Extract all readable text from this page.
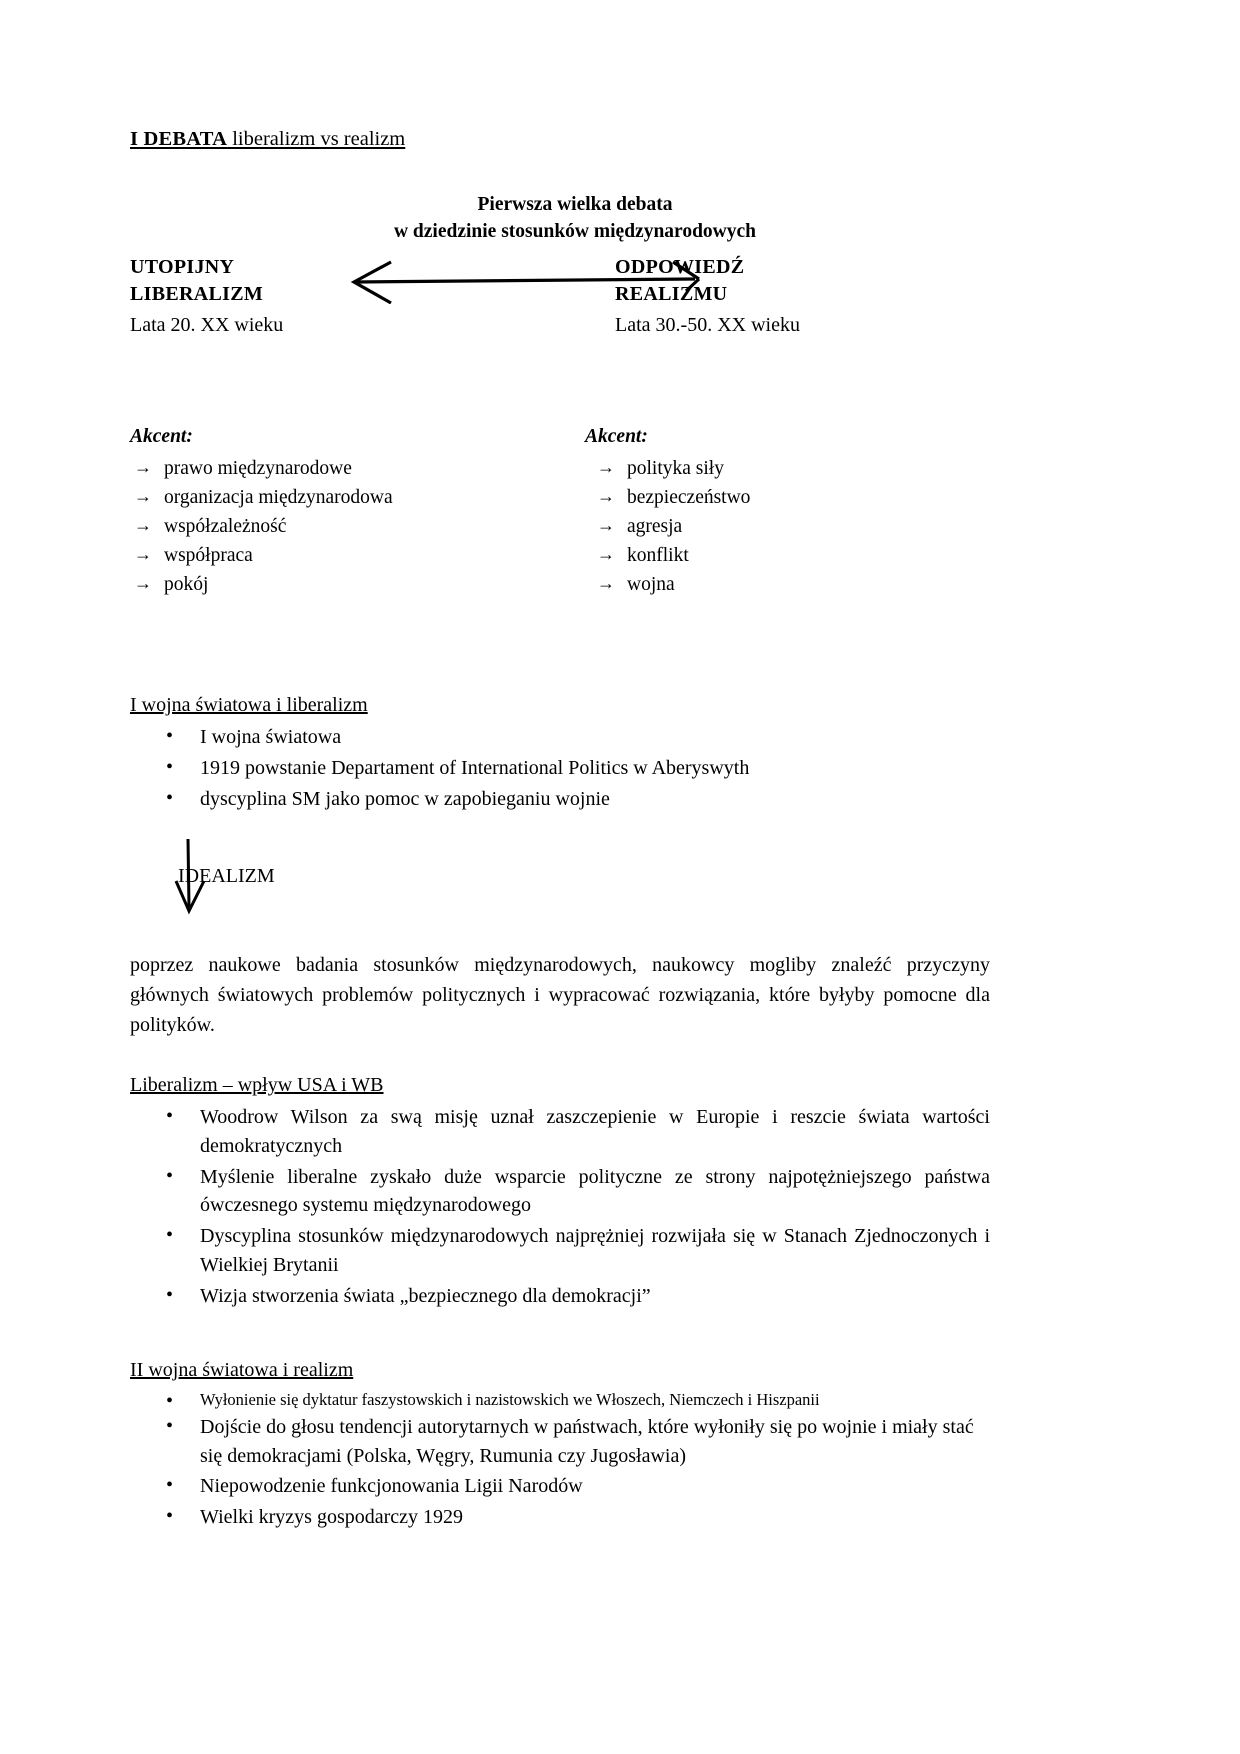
I DEBATA liberalizm vs realizm
Pierwsza wielka debata
w dziedzinie stosunków międzynarodowych
UTOPIJNY
LIBERALIZM
Lata 20. XX wieku
ODPOWIEDŹ
REALIZMU
Lata 30.-50. XX wieku
Akcent:
→ prawo międzynarodowe
→ organizacja międzynarodowa
→ współzależność
→ współpraca
→ pokój
Akcent:
→ polityka siły
→ bezpieczeństwo
→ agresja
→ konflikt
→ wojna
I wojna światowa i liberalizm
• I wojna światowa
• 1919 powstanie Departament of International Politics w Aberyswyth
• dyscyplina SM jako pomoc w zapobieganiu wojnie
IDEALIZM

poprzez naukowe badania stosunków międzynarodowych, naukowcy mogliby znaleźć przyczyny głównych światowych problemów politycznych i wypracować rozwiązania, które byłyby pomocne dla polityków.

Liberalizm – wpływ USA i WB
• Woodrow Wilson za swą misję uznał zaszczepienie w Europie i reszcie świata wartości demokratycznych
• Myślenie liberalne zyskało duże wsparcie polityczne ze strony najpotężniejszego państwa ówczesnego systemu międzynarodowego
• Dyscyplina stosunków międzynarodowych najprężniej rozwijała się w Stanach Zjednoczonych i Wielkiej Brytanii
• Wizja stworzenia świata „bezpiecznego dla demokracji”
II wojna światowa i realizm
• Wyłonienie się dyktatur faszystowskich i nazistowskich we Włoszech, Niemczech i Hiszpanii
• Dojście do głosu tendencji autorytarnych w państwach, które wyłoniły się po wojnie i miały stać się demokracjami (Polska, Węgry, Rumunia czy Jugosławia)
• Niepowodzenie funkcjonowania Ligii Narodów
• Wielki kryzys gospodarczy 1929
